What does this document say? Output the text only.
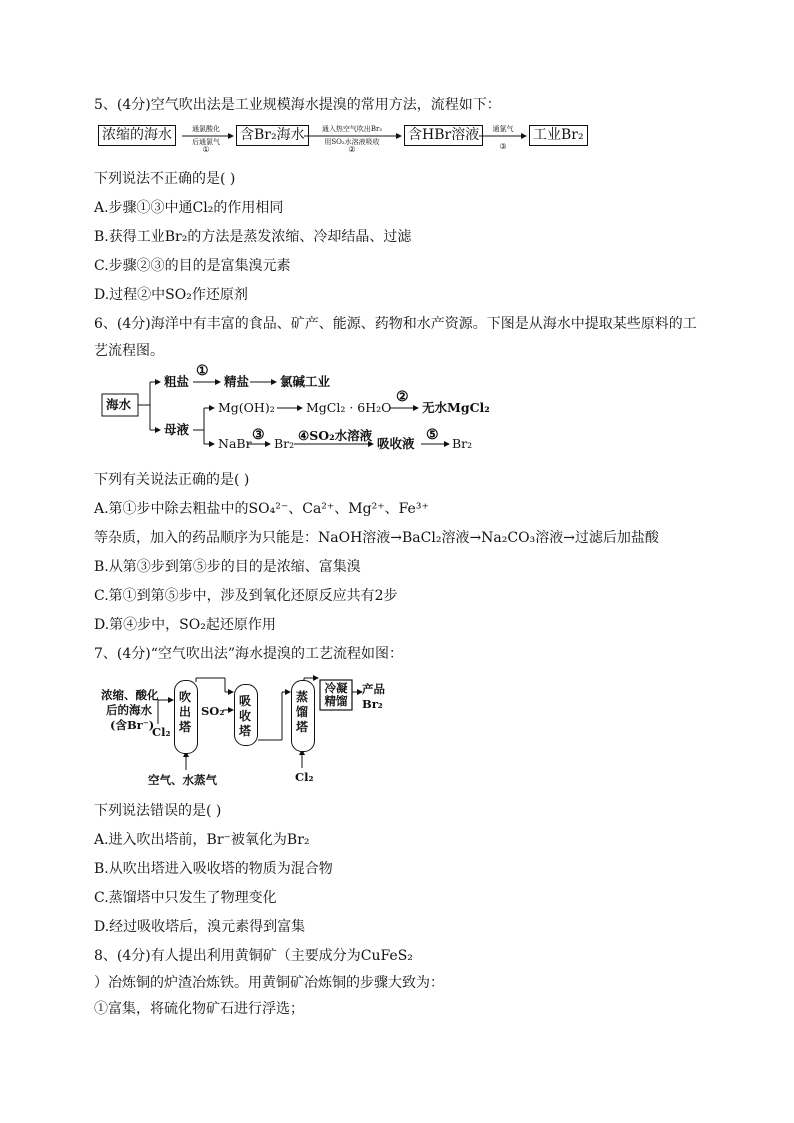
5、(4分)空气吹出法是工业规模海水提溴的常用方法，流程如下：
浓缩的海水	通氯酸化
后通氯气
①
含Br₂海水	通入热空气吹出Br₂
用SO₂水溶液吸收
②
含HBr溶液	通氯气
③
工业Br₂
下列说法不正确的是( )
A.步骤①③中通Cl₂的作用相同
B.获得工业Br₂的方法是蒸发浓缩、冷却结晶、过滤
C.步骤②③的目的是富集溴元素
D.过程②中SO₂作还原剂
6、(4分)海洋中有丰富的食品、矿产、能源、药物和水产资源。下图是从海水中提取某些原料的工
艺流程图。
海水
粗盐
①
精盐 氯碱工业
母液
Mg(OH)₂	MgCl₂ · 6H₂O
②
无水MgCl₂
NaBr
③
Br₂
④SO₂水溶液
吸收液
⑤
Br₂
下列有关说法正确的是( )
A.第①步中除去粗盐中的SO₄²⁻、Ca²⁺、Mg²⁺、Fe³⁺
等杂质，加入的药品顺序为只能是：NaOH溶液→BaCl₂溶液→Na₂CO₃溶液→过滤后加盐酸
B.从第③步到第⑤步的目的是浓缩、富集溴
C.第①到第⑤步中，涉及到氧化还原反应共有2步
D.第④步中，SO₂起还原作用
7、(4分)“空气吹出法”海水提溴的工艺流程如图：
浓缩、酸化
后的海水
(含Br⁻)
Cl₂
吹出塔
空气、水蒸气
SO₂
吸收塔
蒸馏塔
Cl₂
冷凝精馏
产品
Br₂
下列说法错误的是( )
A.进入吹出塔前，Br⁻被氧化为Br₂
B.从吹出塔进入吸收塔的物质为混合物
C.蒸馏塔中只发生了物理变化
D.经过吸收塔后，溴元素得到富集
8、(4分)有人提出利用黄铜矿（主要成分为CuFeS₂
）冶炼铜的炉渣冶炼铁。用黄铜矿冶炼铜的步骤大致为：
①富集，将硫化物矿石进行浮选；
